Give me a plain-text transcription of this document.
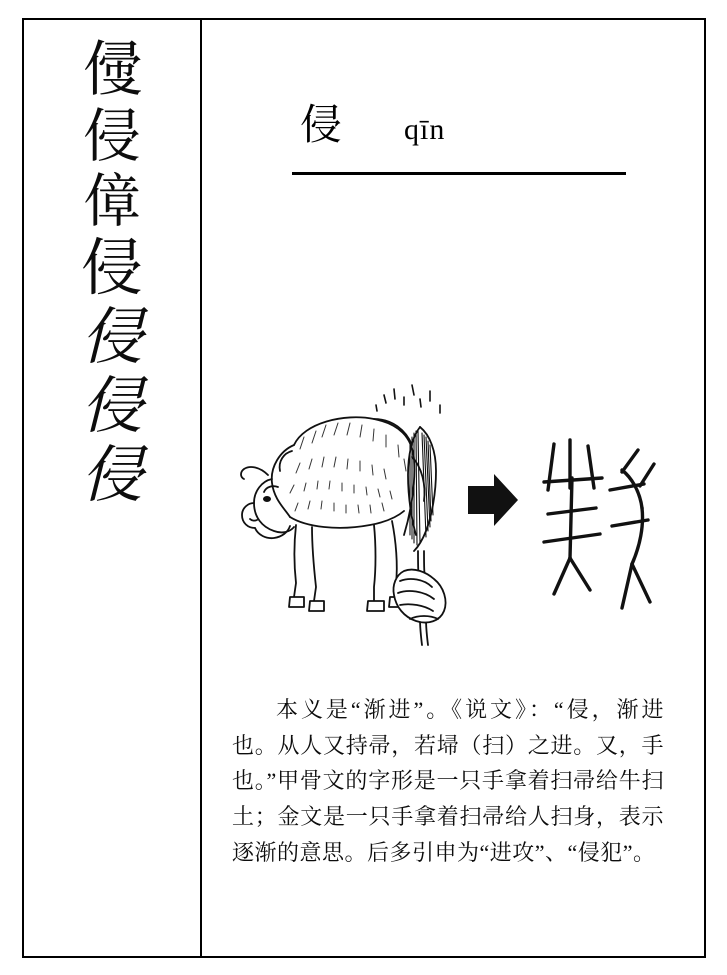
㑴
侵
傽
侵
侵
侵
侵
侵 qīn

本义是“渐进”。《说文》：“侵，渐进也。从人又持帚，若埽（扫）之进。又，手也。”甲骨文的字形是一只手拿着扫帚给牛扫土；金文是一只手拿着扫帚给人扫身，表示逐渐的意思。后多引申为“进攻”、“侵犯”。
